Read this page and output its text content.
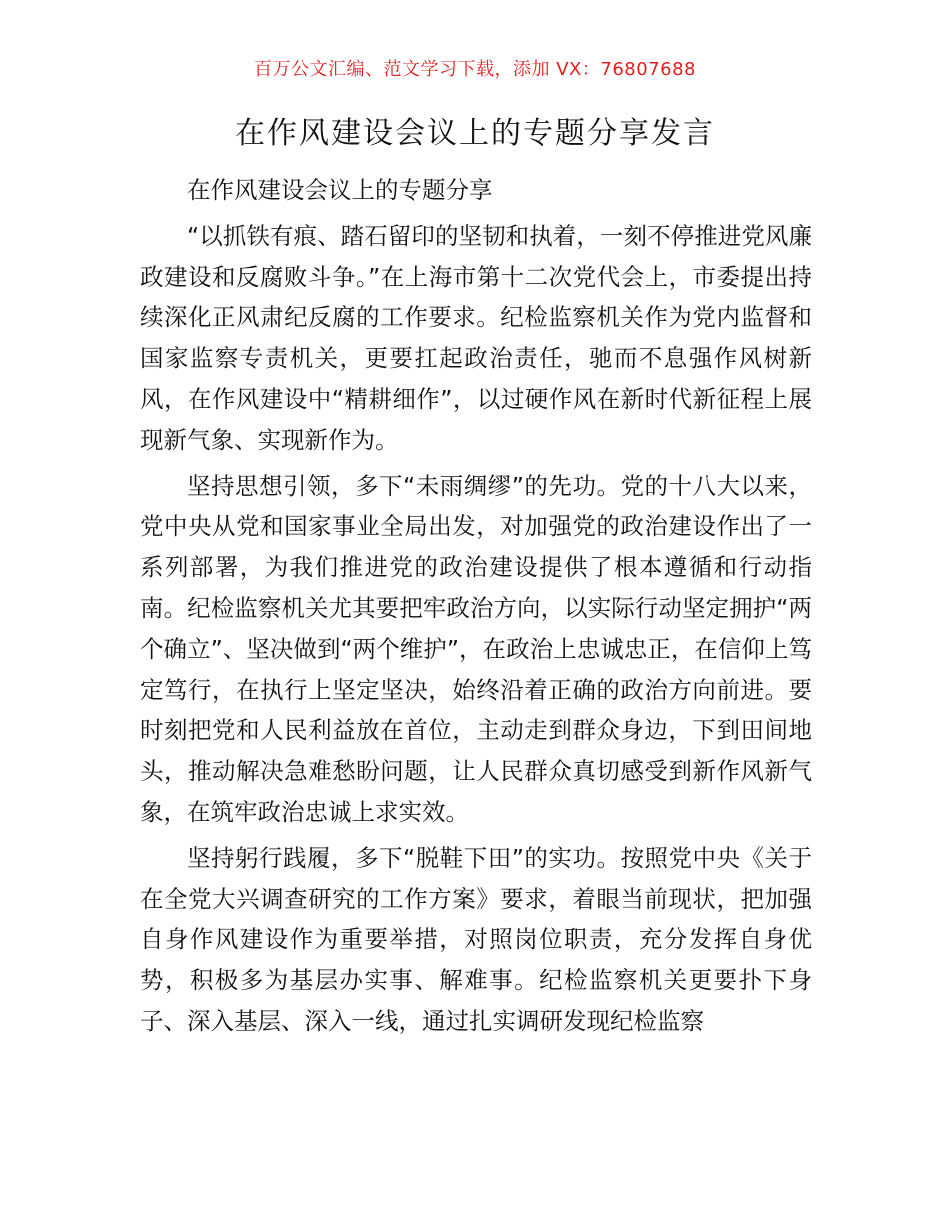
百万公文汇编、范文学习下载，添加 VX：76807688
在作风建设会议上的专题分享发言

在作风建设会议上的专题分享

“以抓铁有痕、踏石留印的坚韧和执着，一刻不停推进党风廉政建设和反腐败斗争。”在上海市第十二次党代会上，市委提出持续深化正风肃纪反腐的工作要求。纪检监察机关作为党内监督和国家监察专责机关，更要扛起政治责任，驰而不息强作风树新风，在作风建设中“精耕细作”，以过硬作风在新时代新征程上展现新气象、实现新作为。

坚持思想引领，多下“未雨绸缪”的先功。党的十八大以来，党中央从党和国家事业全局出发，对加强党的政治建设作出了一系列部署，为我们推进党的政治建设提供了根本遵循和行动指南。纪检监察机关尤其要把牢政治方向，以实际行动坚定拥护“两个确立”、坚决做到“两个维护”，在政治上忠诚忠正，在信仰上笃定笃行，在执行上坚定坚决，始终沿着正确的政治方向前进。要时刻把党和人民利益放在首位，主动走到群众身边，下到田间地头，推动解决急难愁盼问题，让人民群众真切感受到新作风新气象，在筑牢政治忠诚上求实效。

坚持躬行践履，多下“脱鞋下田”的实功。按照党中央《关于在全党大兴调查研究的工作方案》要求，着眼当前现状，把加强自身作风建设作为重要举措，对照岗位职责，充分发挥自身优势，积极多为基层办实事、解难事。纪检监察机关更要扑下身子、深入基层、深入一线，通过扎实调研发现纪检监察
